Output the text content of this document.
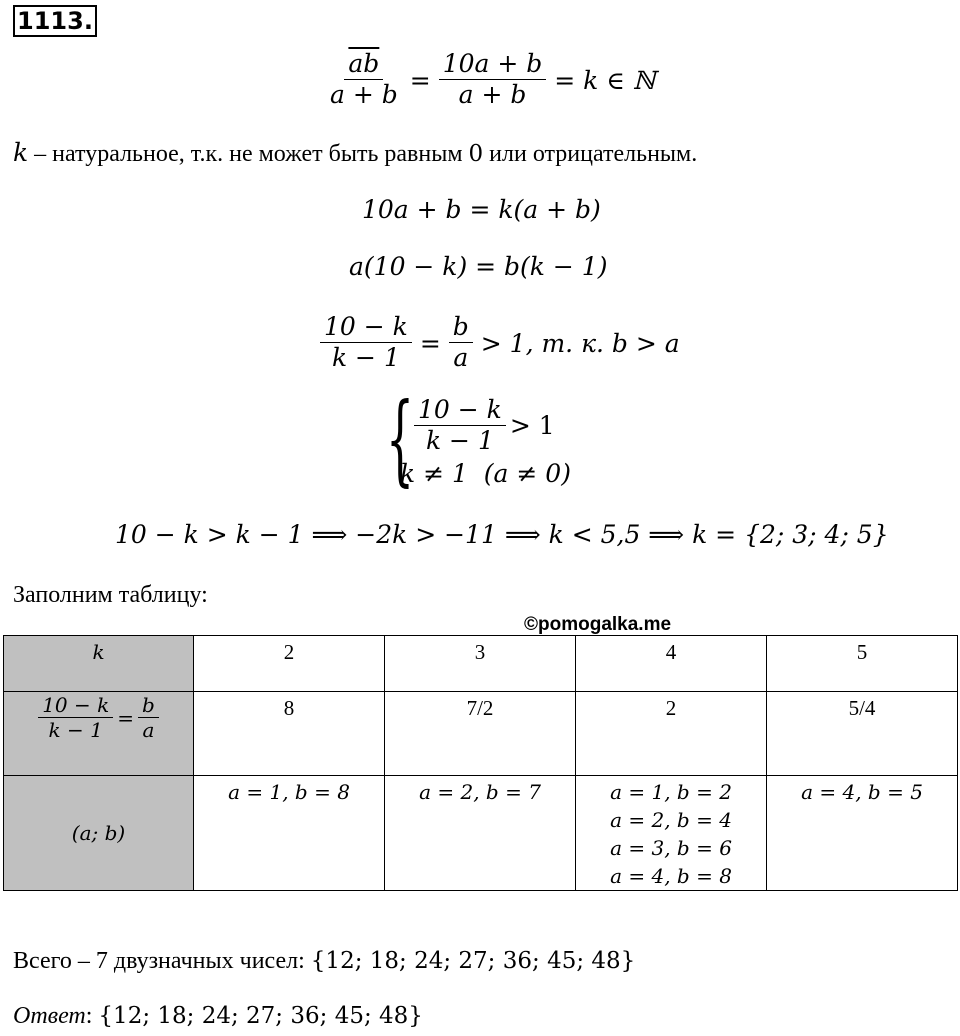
1113.
$\frac{\overline{ab}}{a + b} = \frac{10a + b}{a + b} = k$ ∈ ℕ
k – натуральное, т.к. не может быть равным 0 или отрицательным.
10a + b = k(a + b)
a(10 − k) = b(k − 1)
$\frac{10 - k}{k - 1} = \frac{b}{a} > 1$, т. к. b > a
{ $\frac{10 - k}{k - 1} > 1$
k ≠ 1  (a ≠ 0)
10 − k > k − 1 ⟹ −2k > −11 ⟹ k < 5,5 ⟹ k = {2; 3; 4; 5}
Заполним таблицу:
©pomogalka.me
k	2	3	4	5

$\frac{10 - k}{k - 1} = \frac{b}{a}$	8	7/2	2	5/4

(a; b)	a = 1, b = 8	a = 2, b = 7	a = 1, b = 2
a = 2, b = 4
a = 3, b = 6
a = 4, b = 8	a = 4, b = 5
Всего – 7 двузначных чисел: {12; 18; 24; 27; 36; 45; 48}
Ответ: {12; 18; 24; 27; 36; 45; 48}
